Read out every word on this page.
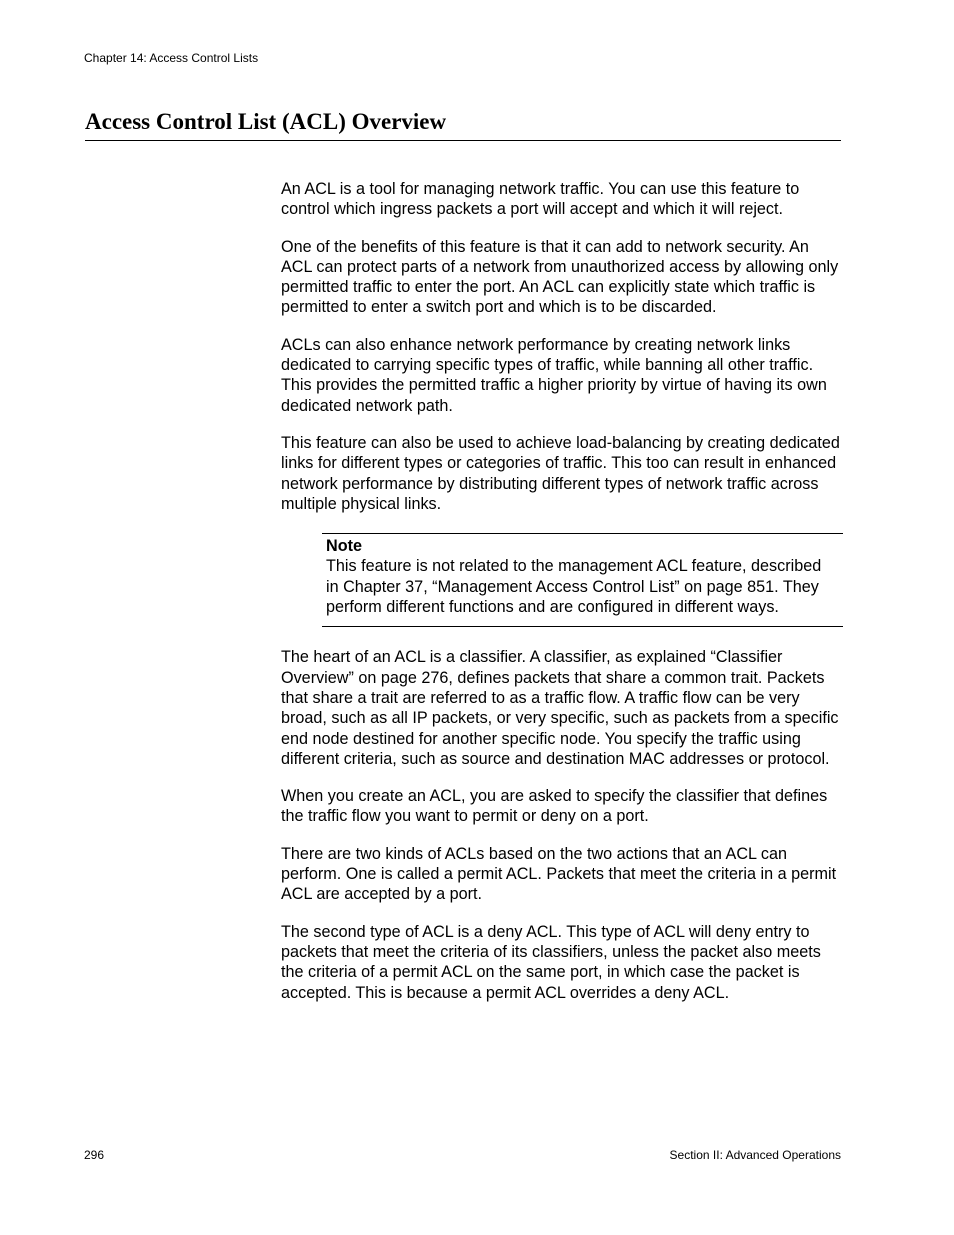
Chapter 14: Access Control Lists
Access Control List (ACL) Overview

An ACL is a tool for managing network traffic. You can use this feature to control which ingress packets a port will accept and which it will reject.

One of the benefits of this feature is that it can add to network security. An ACL can protect parts of a network from unauthorized access by allowing only permitted traffic to enter the port. An ACL can explicitly state which traffic is permitted to enter a switch port and which is to be discarded.

ACLs can also enhance network performance by creating network links dedicated to carrying specific types of traffic, while banning all other traffic. This provides the permitted traffic a higher priority by virtue of having its own dedicated network path.

This feature can also be used to achieve load-balancing by creating dedicated links for different types or categories of traffic. This too can result in enhanced network performance by distributing different types of network traffic across multiple physical links.

Note
This feature is not related to the management ACL feature, described in Chapter 37, “Management Access Control List” on page 851. They perform different functions and are configured in different ways.

The heart of an ACL is a classifier. A classifier, as explained “Classifier Overview” on page 276, defines packets that share a common trait. Packets that share a trait are referred to as a traffic flow. A traffic flow can be very broad, such as all IP packets, or very specific, such as packets from a specific end node destined for another specific node. You specify the traffic using different criteria, such as source and destination MAC addresses or protocol.

When you create an ACL, you are asked to specify the classifier that defines the traffic flow you want to permit or deny on a port.

There are two kinds of ACLs based on the two actions that an ACL can perform. One is called a permit ACL. Packets that meet the criteria in a permit ACL are accepted by a port.

The second type of ACL is a deny ACL. This type of ACL will deny entry to packets that meet the criteria of its classifiers, unless the packet also meets the criteria of a permit ACL on the same port, in which case the packet is accepted. This is because a permit ACL overrides a deny ACL.

296	Section II: Advanced Operations
